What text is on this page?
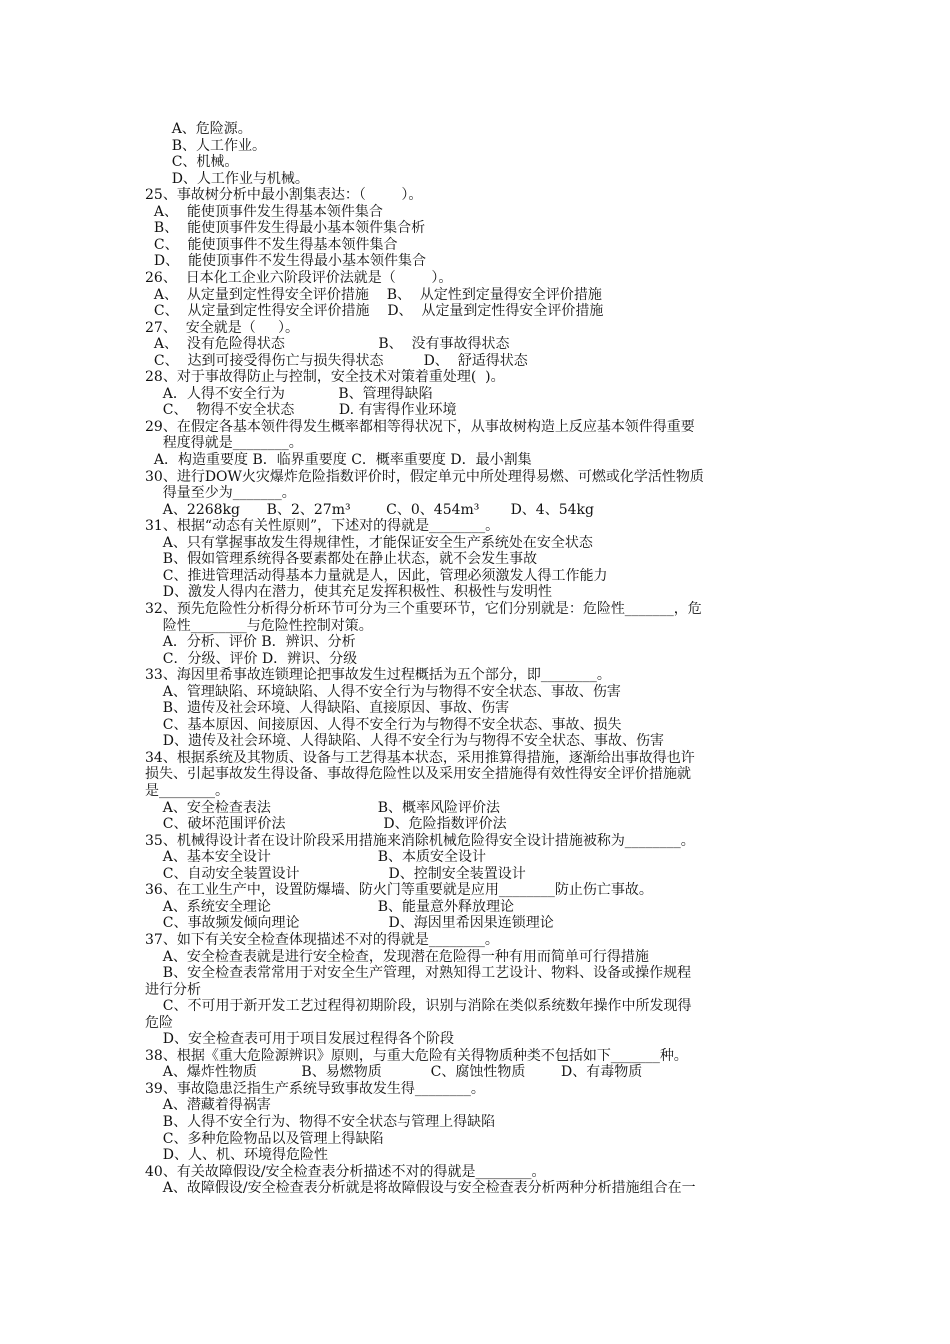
A、危险源。
B、人工作业。
C、机械。
D、人工作业与机械。
25、事故树分析中最小割集表达：（        ）。
A、  能使顶事件发生得基本领件集合
B、  能使顶事件发生得最小基本领件集合析
C、  能使顶事件不发生得基本领件集合
D、  能使顶事件不发生得最小基本领件集合
26、  日本化工企业六阶段评价法就是（        ）。
A、  从定量到定性得安全评价措施    B、  从定性到定量得安全评价措施
C、  从定量到定性得安全评价措施    D、  从定量到定性得安全评价措施
27、  安全就是（     ）。
A、  没有危险得状态                     B、  没有事故得状态
C、  达到可接受得伤亡与损失得状态         D、  舒适得状态
28、对于事故得防止与控制，安全技术对策着重处理(  )。
A．人得不安全行为            B、管理得缺陷
C、  物得不安全状态          D. 有害得作业环境
29、在假定各基本领件得发生概率都相等得状况下，从事故树构造上反应基本领件得重要
程度得就是________。
A．构造重要度 B．临界重要度 C．概率重要度 D．最小割集
30、进行DOW火灾爆炸危险指数评价时，假定单元中所处理得易燃、可燃或化学活性物质
得量至少为_______。
A、2268kg      B、2、27m³        C、0、454m³       D、4、54kg
31、根据“动态有关性原则”，下述对的得就是________。
A、只有掌握事故发生得规律性，才能保证安全生产系统处在安全状态
B、假如管理系统得各要素都处在静止状态，就不会发生事故
C、推进管理活动得基本力量就是人，因此，管理必须激发人得工作能力
D、激发人得内在潜力，使其充足发挥积极性、积极性与发明性
32、预先危险性分析得分析环节可分为三个重要环节，它们分别就是：危险性_______，危
险性________与危险性控制对策。
A．分析、评价 B．辨识、分析
C．分级、评价 D．辨识、分级
33、海因里希事故连锁理论把事故发生过程概括为五个部分，即________。
A、管理缺陷、环境缺陷、人得不安全行为与物得不安全状态、事故、伤害
B、遗传及社会环境、人得缺陷、直接原因、事故、伤害
C、基本原因、间接原因、人得不安全行为与物得不安全状态、事故、损失
D、遗传及社会环境、人得缺陷、人得不安全行为与物得不安全状态、事故、伤害
34、根据系统及其物质、设备与工艺得基本状态，采用推算得措施，逐渐给出事故得也许
损失、引起事故发生得设备、事故得危险性以及采用安全措施得有效性得安全评价措施就
是________。
A、安全检查表法                        B、概率风险评价法
C、破坏范围评价法                      D、危险指数评价法
35、机械得设计者在设计阶段采用措施来消除机械危险得安全设计措施被称为________。
A、基本安全设计                        B、本质安全设计
C、自动安全装置设计                    D、控制安全装置设计
36、在工业生产中，设置防爆墙、防火门等重要就是应用________防止伤亡事故。
A、系统安全理论                        B、能量意外释放理论
C、事故频发倾向理论                    D、海因里希因果连锁理论
37、如下有关安全检查体现描述不对的得就是________。
A、安全检查表就是进行安全检查，发现潜在危险得一种有用而简单可行得措施
B、安全检查表常常用于对安全生产管理，对熟知得工艺设计、物料、设备或操作规程
进行分析
C、不可用于新开发工艺过程得初期阶段，识别与消除在类似系统数年操作中所发现得
危险
D、安全检查表可用于项目发展过程得各个阶段
38、根据《重大危险源辨识》原则，与重大危险有关得物质种类不包括如下_______种。
A、爆炸性物质          B、易燃物质           C、腐蚀性物质        D、有毒物质
39、事故隐患泛指生产系统导致事故发生得________。
A、潜藏着得祸害
B、人得不安全行为、物得不安全状态与管理上得缺陷
C、多种危险物品以及管理上得缺陷
D、人、机、环境得危险性
40、有关故障假设/安全检查表分析描述不对的得就是________。
A、故障假设/安全检查表分析就是将故障假设与安全检查表分析两种分析措施组合在一
